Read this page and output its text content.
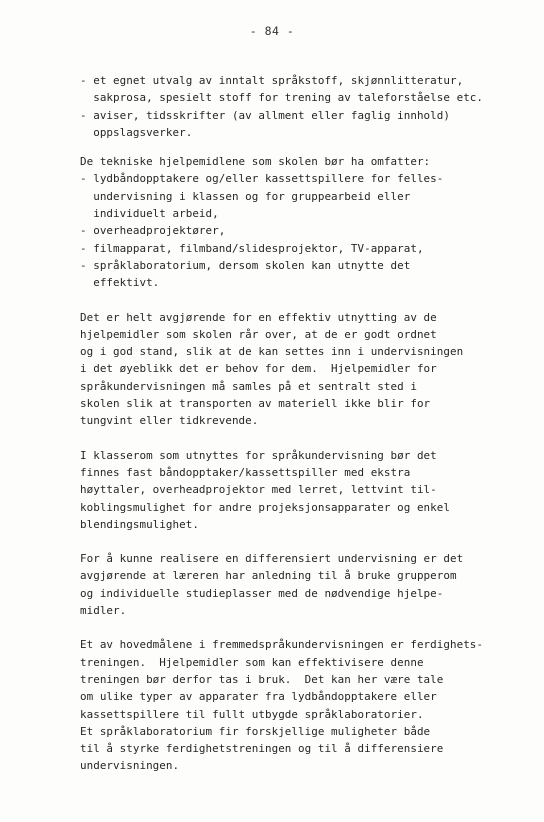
- 84 -
- et egnet utvalg av inntalt språkstoff, skjønnlitteratur,
sakprosa, spesielt stoff for trening av taleforståelse etc.
- aviser, tidsskrifter (av allment eller faglig innhold)
oppslagsverker.
De tekniske hjelpemidlene som skolen bør ha omfatter:
- lydbåndopptakere og/eller kassettspillere for felles-
undervisning i klassen og for gruppearbeid eller
individuelt arbeid,
- overheadprojektører,
- filmapparat, filmband/slidesprojektor, TV-apparat,
- språklaboratorium, dersom skolen kan utnytte det
effektivt.
Det er helt avgjørende for en effektiv utnytting av de
hjelpemidler som skolen rår over, at de er godt ordnet
og i god stand, slik at de kan settes inn i undervisningen
i det øyeblikk det er behov for dem.  Hjelpemidler for
språkundervisningen må samles på et sentralt sted i
skolen slik at transporten av materiell ikke blir for
tungvint eller tidkrevende.
I klasserom som utnyttes for språkundervisning bør det
finnes fast båndopptaker/kassettspiller med ekstra
høyttaler, overheadprojektor med lerret, lettvint til-
koblingsmulighet for andre projeksjonsapparater og enkel
blendingsmulighet.
For å kunne realisere en differensiert undervisning er det
avgjørende at læreren har anledning til å bruke grupperom
og individuelle studieplasser med de nødvendige hjelpe-
midler.
Et av hovedmålene i fremmedspråkundervisningen er ferdighets-
treningen.  Hjelpemidler som kan effektivisere denne
treningen bør derfor tas i bruk.  Det kan her være tale
om ulike typer av apparater fra lydbåndopptakere eller
kassettspillere til fullt utbygde språklaboratorier.
Et språklaboratorium fir forskjellige muligheter både
til å styrke ferdighetstreningen og til å differensiere
undervisningen.
